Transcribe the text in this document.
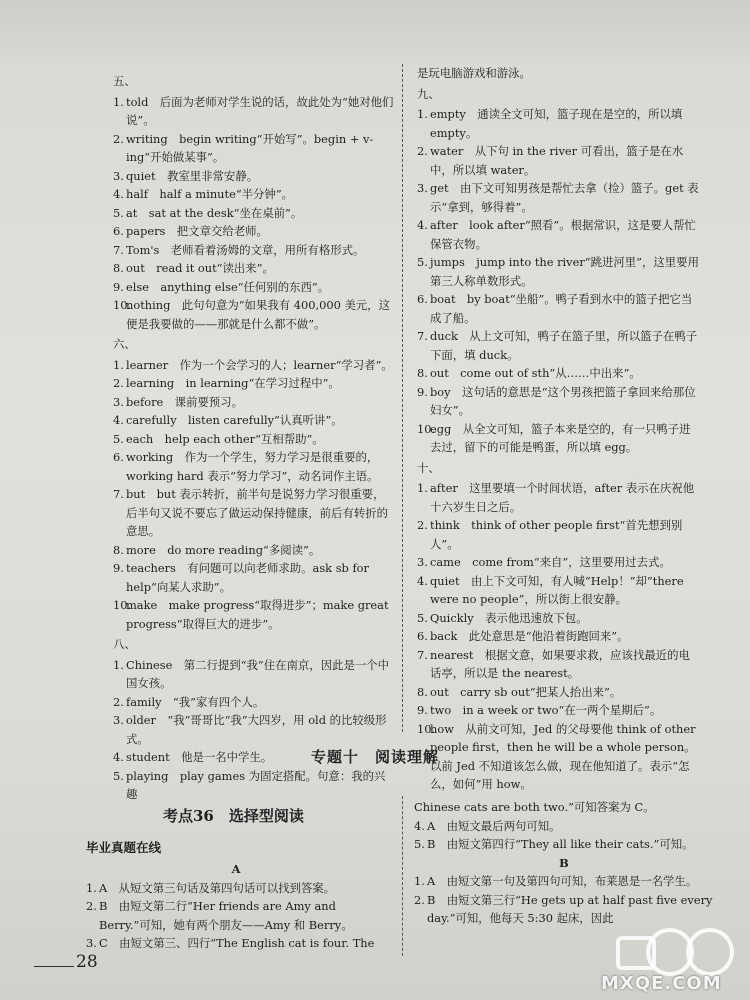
五、
1. told　后面为老师对学生说的话，故此处为“她对他们说”。
2. writing　begin writing“开始写”。begin + v-ing“开始做某事”。
3. quiet　教室里非常安静。
4. half　half a minute“半分钟”。
5. at　sat at the desk“坐在桌前”。
6. papers　把文章交给老师。
7. Tom's　老师看着汤姆的文章，用所有格形式。
8. out　read it out“读出来”。
9. else　anything else“任何别的东西”。
10.
nothing　此句句意为“如果我有 400,000 美元，这便是我要做的——那就是什么都不做”。
六、
1. learner　作为一个会学习的人；learner“学习者”。
2. learning　in learning“在学习过程中”。
3. before　课前要预习。
4. carefully　listen carefully“认真听讲”。
5. each　help each other“互相帮助”。
6. working　作为一个学生，努力学习是很重要的，working hard 表示“努力学习”，动名词作主语。
7. but　but 表示转折，前半句是说努力学习很重要，后半句又说不要忘了做运动保持健康，前后有转折的意思。
8. more　do more reading“多阅读”。
9. teachers　有问题可以向老师求助。ask sb for help“向某人求助”。
10.
make　make progress“取得进步”；make great progress“取得巨大的进步”。
八、
1. Chinese　第二行提到“我”住在南京，因此是一个中国女孩。
2. family　“我”家有四个人。
3. older　“我”哥哥比“我”大四岁，用 old 的比较级形式。
4. student　他是一名中学生。
5. playing　play games 为固定搭配。句意：我的兴趣
是玩电脑游戏和游泳。
九、
1. empty　通读全文可知，篮子现在是空的，所以填 empty。
2. water　从下句 in the river 可看出，篮子是在水中，所以填 water。
3. get　由下文可知男孩是帮忙去拿（捡）篮子。get 表示“拿到，够得着”。
4. after　look after“照看”。根据常识，这是要人帮忙保管衣物。
5. jumps　jump into the river“跳进河里”，这里要用第三人称单数形式。
6. boat　by boat“坐船”。鸭子看到水中的篮子把它当成了船。
7. duck　从上文可知，鸭子在篮子里，所以篮子在鸭子下面，填 duck。
8. out　come out of sth“从……中出来”。
9. boy　这句话的意思是“这个男孩把篮子拿回来给那位妇女”。
10.
egg　从全文可知，篮子本来是空的，有一只鸭子进去过，留下的可能是鸭蛋，所以填 egg。
十、
1. after　这里要填一个时间状语，after 表示在庆祝他十六岁生日之后。
2. think　think of other people first“首先想到别人”。
3. came　come from“来自”，这里要用过去式。
4. quiet　由上下文可知，有人喊“Help！”却“there were no people”，所以街上很安静。
5. Quickly　表示他迅速放下包。
6. back　此处意思是“他沿着街跑回来”。
7. nearest　根据文意，如果要求救，应该找最近的电话亭，所以是 the nearest。
8. out　carry sb out“把某人抬出来”。
9. two　in a week or two“在一两个星期后”。
10.
how　从前文可知，Jed 的父母要他 think of other people first，then he will be a whole person。以前 Jed 不知道该怎么做，现在他知道了。表示“怎么，如何”用 how。
专题十　阅读理解
考点36　选择型阅读
毕业真题在线
A
1. A　从短文第三句话及第四句话可以找到答案。
2. B　由短文第二行“Her friends are Amy and Berry.”可知，她有两个朋友——Amy 和 Berry。
3. C　由短文第三、四行“The English cat is four. The
Chinese cats are both two.”可知答案为 C。
4. A　由短文最后两句可知。
5. B　由短文第四行“They all like their cats.”可知。
B
1. A　由短文第一句及第四句可知，布莱恩是一名学生。
2. B　由短文第三行“He gets up at half past five every day.”可知，他每天 5:30 起床，因此
28
MXQE.COM
